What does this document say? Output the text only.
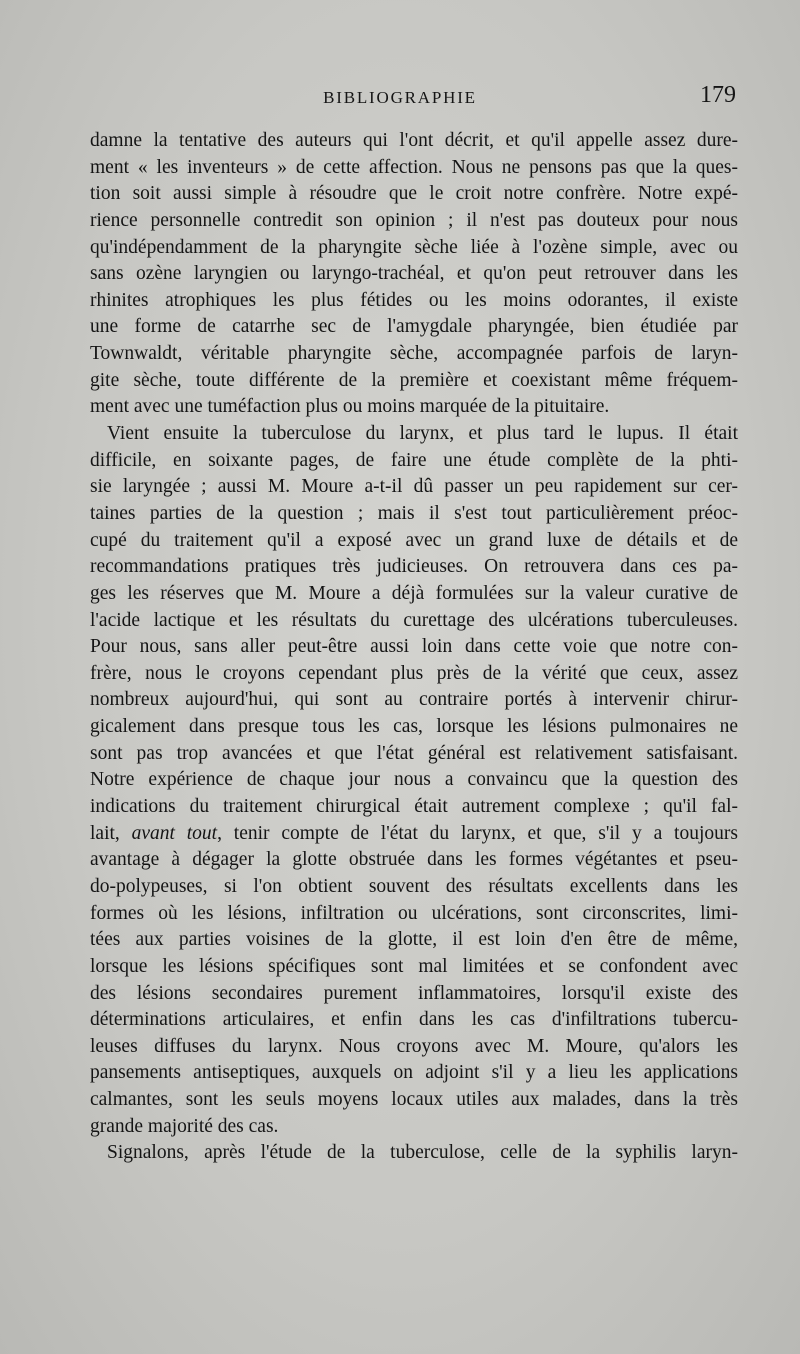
BIBLIOGRAPHIE	179
damne la tentative des auteurs qui l'ont décrit, et qu'il appelle assez dure-
ment « les inventeurs » de cette affection. Nous ne pensons pas que la ques-
tion soit aussi simple à résoudre que le croit notre confrère. Notre expé-
rience personnelle contredit son opinion ; il n'est pas douteux pour nous
qu'indépendamment de la pharyngite sèche liée à l'ozène simple, avec ou
sans ozène laryngien ou laryngo-trachéal, et qu'on peut retrouver dans les
rhinites atrophiques les plus fétides ou les moins odorantes, il existe
une forme de catarrhe sec de l'amygdale pharyngée, bien étudiée par
Townwaldt, véritable pharyngite sèche, accompagnée parfois de laryn-
gite sèche, toute différente de la première et coexistant même fréquem-
ment avec une tuméfaction plus ou moins marquée de la pituitaire.
Vient ensuite la tuberculose du larynx, et plus tard le lupus. Il était
difficile, en soixante pages, de faire une étude complète de la phti-
sie laryngée ; aussi M. Moure a-t-il dû passer un peu rapidement sur cer-
taines parties de la question ; mais il s'est tout particulièrement préoc-
cupé du traitement qu'il a exposé avec un grand luxe de détails et de
recommandations pratiques très judicieuses. On retrouvera dans ces pa-
ges les réserves que M. Moure a déjà formulées sur la valeur curative de
l'acide lactique et les résultats du curettage des ulcérations tuberculeuses.
Pour nous, sans aller peut-être aussi loin dans cette voie que notre con-
frère, nous le croyons cependant plus près de la vérité que ceux, assez
nombreux aujourd'hui, qui sont au contraire portés à intervenir chirur-
gicalement dans presque tous les cas, lorsque les lésions pulmonaires ne
sont pas trop avancées et que l'état général est relativement satisfaisant.
Notre expérience de chaque jour nous a convaincu que la question des
indications du traitement chirurgical était autrement complexe ; qu'il fal-
lait, avant tout, tenir compte de l'état du larynx, et que, s'il y a toujours
avantage à dégager la glotte obstruée dans les formes végétantes et pseu-
do-polypeuses, si l'on obtient souvent des résultats excellents dans les
formes où les lésions, infiltration ou ulcérations, sont circonscrites, limi-
tées aux parties voisines de la glotte, il est loin d'en être de même,
lorsque les lésions spécifiques sont mal limitées et se confondent avec
des lésions secondaires purement inflammatoires, lorsqu'il existe des
déterminations articulaires, et enfin dans les cas d'infiltrations tubercu-
leuses diffuses du larynx. Nous croyons avec M. Moure, qu'alors les
pansements antiseptiques, auxquels on adjoint s'il y a lieu les applications
calmantes, sont les seuls moyens locaux utiles aux malades, dans la très
grande majorité des cas.
Signalons, après l'étude de la tuberculose, celle de la syphilis laryn-
